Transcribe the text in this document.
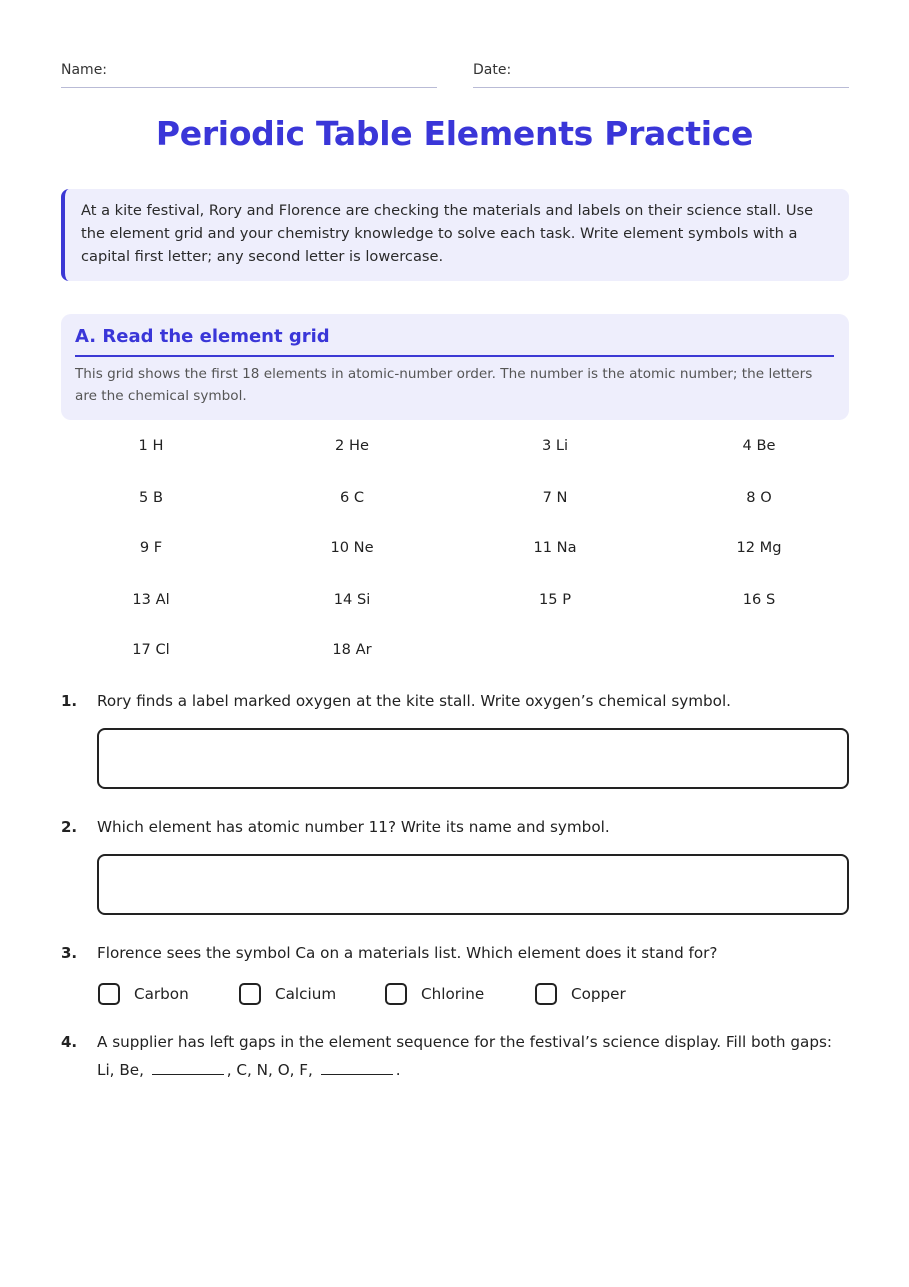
Name:	Date:
Periodic Table Elements Practice
At a kite festival, Rory and Florence are checking the materials and labels on their science stall. Use the element grid and your chemistry knowledge to solve each task. Write element symbols with a capital first letter; any second letter is lowercase.
A. Read the element grid

This grid shows the first 18 elements in atomic-number order. The number is the atomic number; the letters are the chemical symbol.

1 H	2 He	3 Li	4 Be
5 B	6 C	7 N	8 O
9 F	10 Ne	11 Na	12 Mg
13 Al	14 Si	15 P	16 S
17 Cl	18 Ar
1. Rory finds a label marked oxygen at the kite stall. Write oxygen’s chemical symbol.
2. Which element has atomic number 11? Write its name and symbol.
3. Florence sees the symbol Ca on a materials list. Which element does it stand for?
Carbon	Calcium	Chlorine	Copper
4. A supplier has left gaps in the element sequence for the festival’s science display. Fill both gaps:
Li, Be,	, C, N, O, F,	.
